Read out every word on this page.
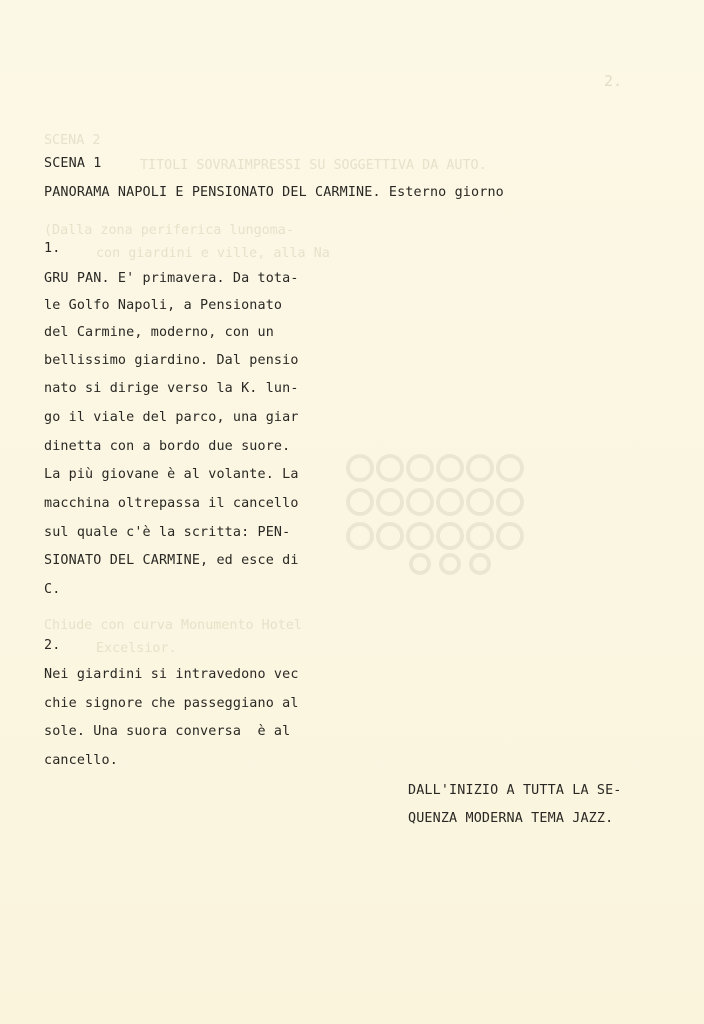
2.
SCENA 2
TITOLI SOVRAIMPRESSI SU SOGGETTIVA DA AUTO.
(Dalla zona periferica lungoma-
con giardini e ville, alla Na
Chiude con curva Monumento Hotel
Excelsior.
SCENA 1
PANORAMA NAPOLI E PENSIONATO DEL CARMINE. Esterno giorno
1.
GRU PAN. E' primavera. Da tota-
le Golfo Napoli, a Pensionato
del Carmine, moderno, con un
bellissimo giardino. Dal pensio
nato si dirige verso la K. lun-
go il viale del parco, una giar
dinetta con a bordo due suore.
La più giovane è al volante. La
macchina oltrepassa il cancello
sul quale c'è la scritta: PEN-
SIONATO DEL CARMINE, ed esce di
C.
2.
Nei giardini si intravedono vec
chie signore che passeggiano al
sole. Una suora conversa  è al
cancello.
DALL'INIZIO A TUTTA LA SE-
QUENZA MODERNA TEMA JAZZ.
